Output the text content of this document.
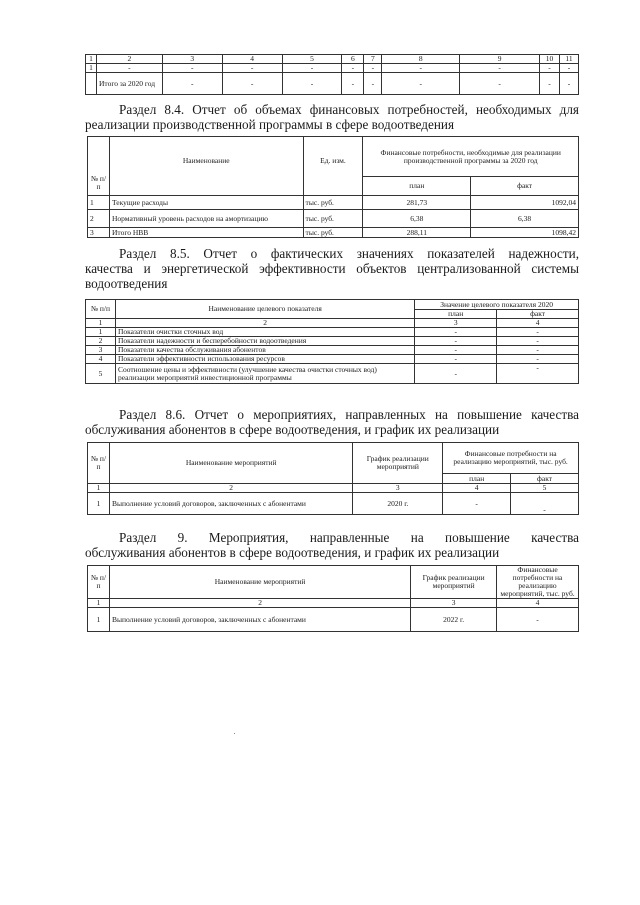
1	2	3	4	5	6	7	8	9	10	11
1	-	-	-	-	-	-	-	-	-	-
	Итого за 2020 год	-	-	-	-	-	-	-	-	-
Раздел 8.4. Отчет об объемах финансовых потребностей, необходимых для
реализации производственной программы в сфере водоотведения
№ п/п	Наименование	Ед. изм.	Финансовые потребности, необходимые для реализации производственной программы за 2020 год	
			план	факт
1	Текущие расходы	тыс. руб.	281,73	1092,04
2	Нормативный уровень расходов на амортизацию	тыс. руб.	6,38	6,38
3	Итого НВВ	тыс. руб.	288,11	1098,42
Раздел 8.5. Отчет о фактических значениях показателей надежности,
качества и энергетической эффективности объектов централизованной системы
водоотведения
№ п/п	Наименование целевого показателя	Значение целевого показателя 2020	
		план	факт
1	2	3	4
1	Показатели очистки сточных вод	-	-
2	Показатели надежности и бесперебойности водоотведения	-	-
3	Показатели качества обслуживания абонентов	-	-
4	Показатели эффективности использования ресурсов	-	-
5	Соотношение цены и эффективности (улучшение качества очистки сточных вод) реализации мероприятий инвестиционной программы	-	-
Раздел 8.6. Отчет о мероприятиях, направленных на повышение качества
обслуживания абонентов в сфере водоотведения, и график их реализации
№ п/п	Наименование мероприятий	График реализации мероприятий	Финансовые потребности на реализацию мероприятий, тыс. руб.	
			план	факт
1	2	3	4	5
1	Выполнение условий договоров, заключенных с абонентами	2020 г.	-	-
Раздел 9. Мероприятия, направленные на повышение качества
обслуживания абонентов в сфере водоотведения, и график их реализации
№ п/п	Наименование мероприятий	График реализации мероприятий	Финансовые потребности на реализацию мероприятий, тыс. руб.
1	2	3	4
1	Выполнение условий договоров, заключенных с абонентами	2022 г.	-
